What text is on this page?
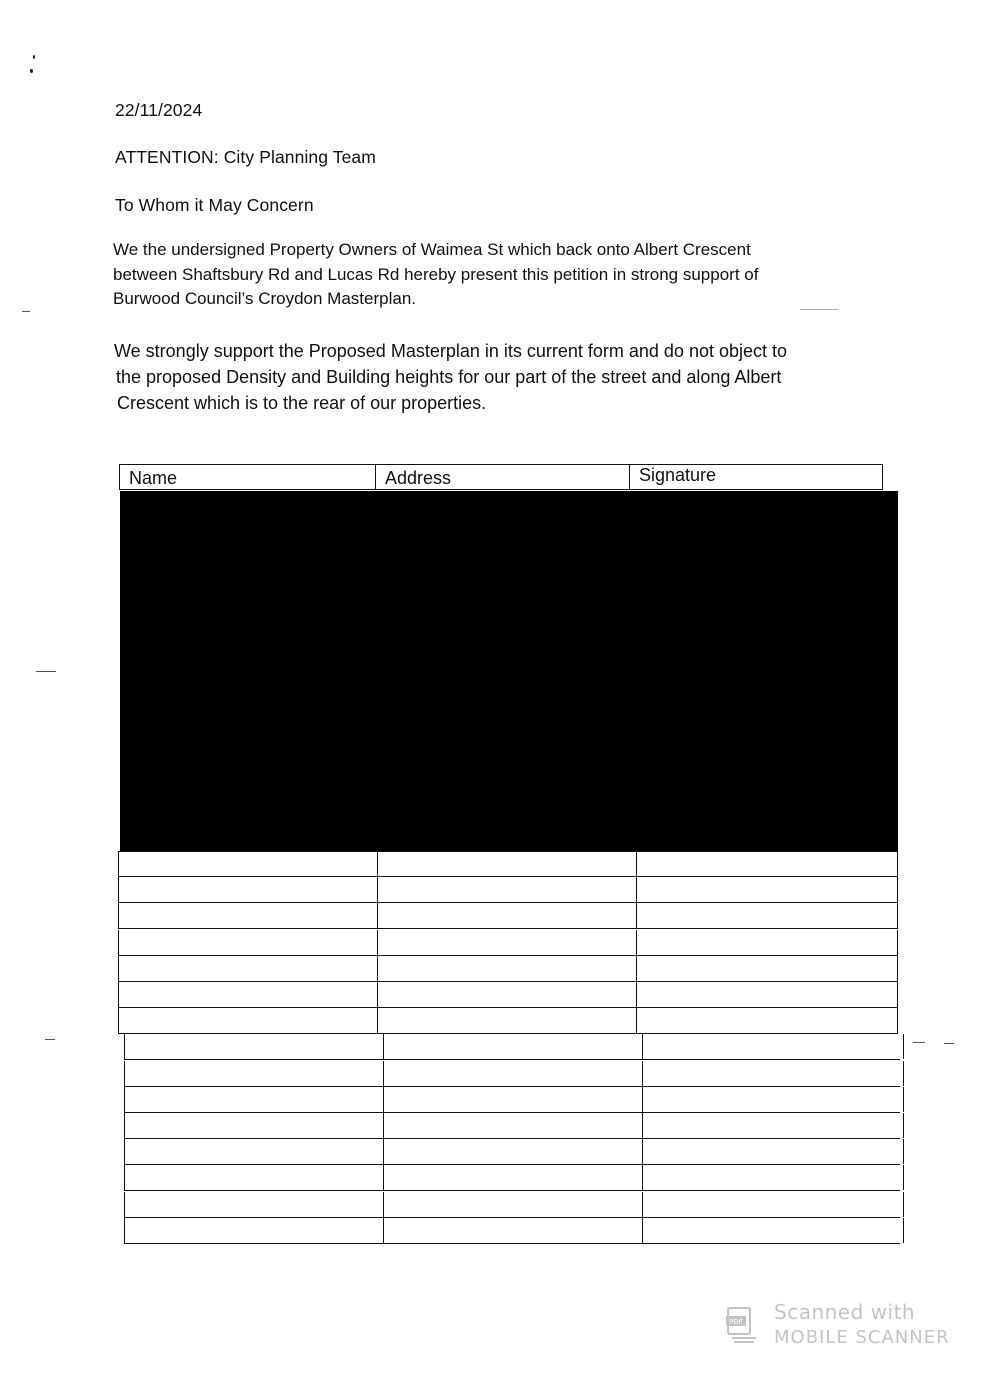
22/11/2024
ATTENTION: City Planning Team
To Whom it May Concern
We the undersigned Property Owners of Waimea St which back onto Albert Crescent
between Shaftsbury Rd and Lucas Rd hereby present this petition in strong support of
Burwood Council’s Croydon Masterplan.
We strongly support the Proposed Masterplan in its current form and do not object to
the proposed Density and Building heights for our part of the street and along Albert
Crescent which is to the rear of our properties.
Name	Address	Signature
PDF Scanned with
MOBILE SCANNER
